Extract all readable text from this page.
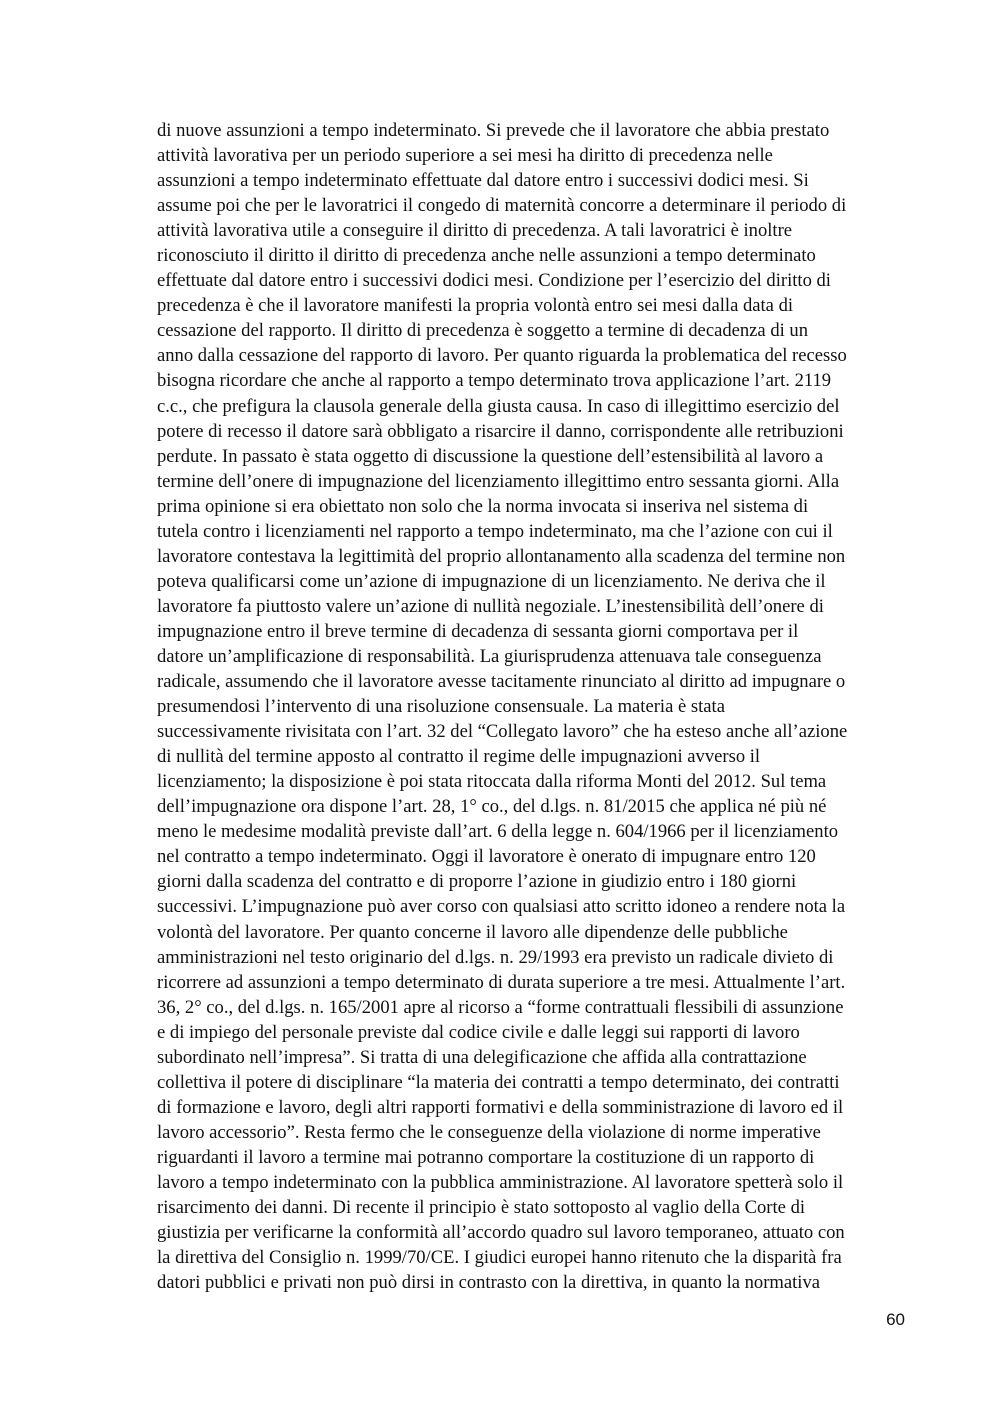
di nuove assunzioni a tempo indeterminato. Si prevede che il lavoratore che abbia prestato
attività lavorativa per un periodo superiore a sei mesi ha diritto di precedenza nelle
assunzioni a tempo indeterminato effettuate dal datore entro i successivi dodici mesi. Si
assume poi che per le lavoratrici il congedo di maternità concorre a determinare il periodo di
attività lavorativa utile a conseguire il diritto di precedenza. A tali lavoratrici è inoltre
riconosciuto il diritto il diritto di precedenza anche nelle assunzioni a tempo determinato
effettuate dal datore entro i successivi dodici mesi. Condizione per l’esercizio del diritto di
precedenza è che il lavoratore manifesti la propria volontà entro sei mesi dalla data di
cessazione del rapporto. Il diritto di precedenza è soggetto a termine di decadenza di un
anno dalla cessazione del rapporto di lavoro. Per quanto riguarda la problematica del recesso
bisogna ricordare che anche al rapporto a tempo determinato trova applicazione l’art. 2119
c.c., che prefigura la clausola generale della giusta causa. In caso di illegittimo esercizio del
potere di recesso il datore sarà obbligato a risarcire il danno, corrispondente alle retribuzioni
perdute. In passato è stata oggetto di discussione la questione dell’estensibilità al lavoro a
termine dell’onere di impugnazione del licenziamento illegittimo entro sessanta giorni. Alla
prima opinione si era obiettato non solo che la norma invocata si inseriva nel sistema di
tutela contro i licenziamenti nel rapporto a tempo indeterminato, ma che l’azione con cui il
lavoratore contestava la legittimità del proprio allontanamento alla scadenza del termine non
poteva qualificarsi come un’azione di impugnazione di un licenziamento. Ne deriva che il
lavoratore fa piuttosto valere un’azione di nullità negoziale. L’inestensibilità dell’onere di
impugnazione entro il breve termine di decadenza di sessanta giorni comportava per il
datore un’amplificazione di responsabilità. La giurisprudenza attenuava tale conseguenza
radicale, assumendo che il lavoratore avesse tacitamente rinunciato al diritto ad impugnare o
presumendosi l’intervento di una risoluzione consensuale. La materia è stata
successivamente rivisitata con l’art. 32 del “Collegato lavoro” che ha esteso anche all’azione
di nullità del termine apposto al contratto il regime delle impugnazioni avverso il
licenziamento; la disposizione è poi stata ritoccata dalla riforma Monti del 2012. Sul tema
dell’impugnazione ora dispone l’art. 28, 1° co., del d.lgs. n. 81/2015 che applica né più né
meno le medesime modalità previste dall’art. 6 della legge n. 604/1966 per il licenziamento
nel contratto a tempo indeterminato. Oggi il lavoratore è onerato di impugnare entro 120
giorni dalla scadenza del contratto e di proporre l’azione in giudizio entro i 180 giorni
successivi. L’impugnazione può aver corso con qualsiasi atto scritto idoneo a rendere nota la
volontà del lavoratore. Per quanto concerne il lavoro alle dipendenze delle pubbliche
amministrazioni nel testo originario del d.lgs. n. 29/1993 era previsto un radicale divieto di
ricorrere ad assunzioni a tempo determinato di durata superiore a tre mesi. Attualmente l’art.
36, 2° co., del d.lgs. n. 165/2001 apre al ricorso a “forme contrattuali flessibili di assunzione
e di impiego del personale previste dal codice civile e dalle leggi sui rapporti di lavoro
subordinato nell’impresa”. Si tratta di una delegificazione che affida alla contrattazione
collettiva il potere di disciplinare “la materia dei contratti a tempo determinato, dei contratti
di formazione e lavoro, degli altri rapporti formativi e della somministrazione di lavoro ed il
lavoro accessorio”. Resta fermo che le conseguenze della violazione di norme imperative
riguardanti il lavoro a termine mai potranno comportare la costituzione di un rapporto di
lavoro a tempo indeterminato con la pubblica amministrazione. Al lavoratore spetterà solo il
risarcimento dei danni. Di recente il principio è stato sottoposto al vaglio della Corte di
giustizia per verificarne la conformità all’accordo quadro sul lavoro temporaneo, attuato con
la direttiva del Consiglio n. 1999/70/CE. I giudici europei hanno ritenuto che la disparità fra
datori pubblici e privati non può dirsi in contrasto con la direttiva, in quanto la normativa
60
